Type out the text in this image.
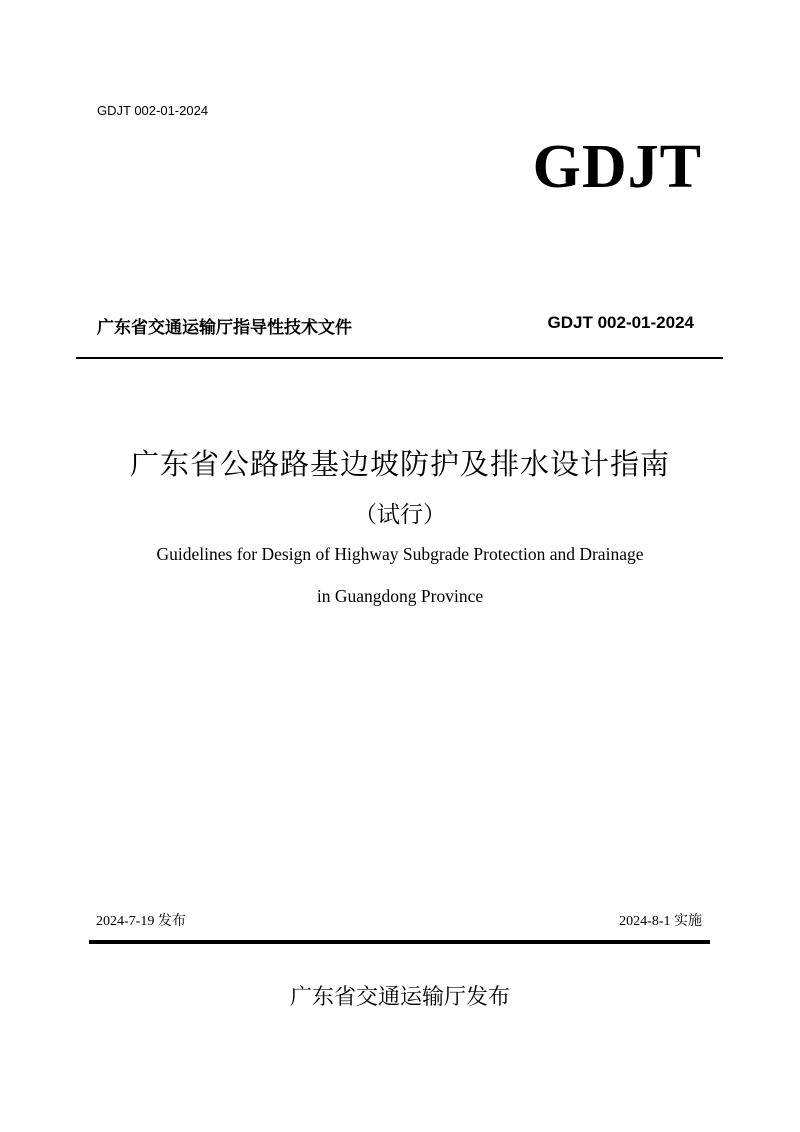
GDJT 002-01-2024
GDJT
广东省交通运输厅指导性技术文件	GDJT 002-01-2024
广东省公路路基边坡防护及排水设计指南
（试行）
Guidelines for Design of Highway Subgrade Protection and Drainage
in Guangdong Province
2024-7-19 发布	2024-8-1 实施
广东省交通运输厅发布
